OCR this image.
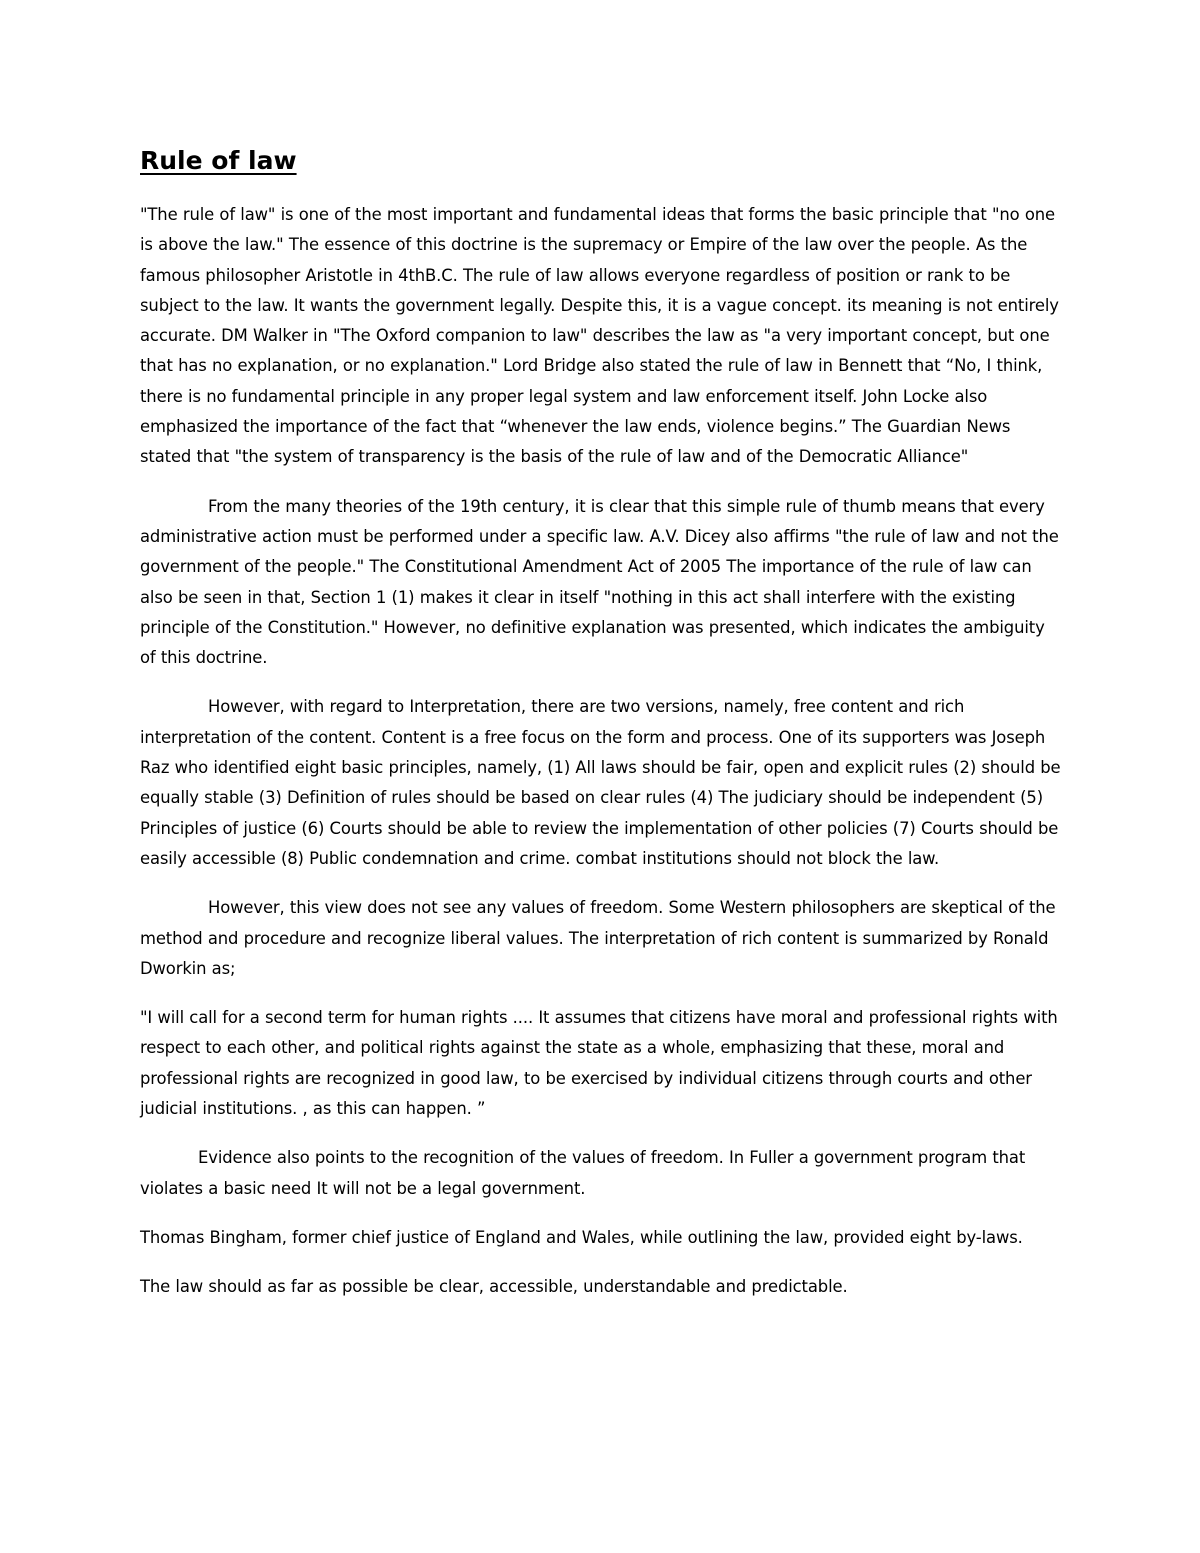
Rule of law

"The rule of law" is one of the most important and fundamental ideas that forms the basic principle that "no one is above the law." The essence of this doctrine is the supremacy or Empire of the law over the people. As the famous philosopher Aristotle in 4thB.C. The rule of law allows everyone regardless of position or rank to be subject to the law. It wants the government legally. Despite this, it is a vague concept. its meaning is not entirely accurate. DM Walker in "The Oxford companion to law" describes the law as "a very important concept, but one that has no explanation, or no explanation." Lord Bridge also stated the rule of law in Bennett that “No, I think, there is no fundamental principle in any proper legal system and law enforcement itself. John Locke also emphasized the importance of the fact that “whenever the law ends, violence begins.” The Guardian News stated that "the system of transparency is the basis of the rule of law and of the Democratic Alliance"

From the many theories of the 19th century, it is clear that this simple rule of thumb means that every administrative action must be performed under a specific law. A.V. Dicey also affirms "the rule of law and not the government of the people." The Constitutional Amendment Act of 2005 The importance of the rule of law can also be seen in that, Section 1 (1) makes it clear in itself "nothing in this act shall interfere with the existing principle of the Constitution." However, no definitive explanation was presented, which indicates the ambiguity of this doctrine.

However, with regard to Interpretation, there are two versions, namely, free content and rich interpretation of the content. Content is a free focus on the form and process. One of its supporters was Joseph Raz who identified eight basic principles, namely, (1) All laws should be fair, open and explicit rules (2) should be equally stable (3) Definition of rules should be based on clear rules (4) The judiciary should be independent (5) Principles of justice (6) Courts should be able to review the implementation of other policies (7) Courts should be easily accessible (8) Public condemnation and crime. combat institutions should not block the law.

However, this view does not see any values of freedom. Some Western philosophers are skeptical of the method and procedure and recognize liberal values. The interpretation of rich content is summarized by Ronald Dworkin as;

"I will call for a second term for human rights .... It assumes that citizens have moral and professional rights with respect to each other, and political rights against the state as a whole, emphasizing that these, moral and professional rights are recognized in good law, to be exercised by individual citizens through courts and other judicial institutions. , as this can happen. ”

Evidence also points to the recognition of the values of freedom. In Fuller a government program that violates a basic need It will not be a legal government.

Thomas Bingham, former chief justice of England and Wales, while outlining the law, provided eight by-laws.

The law should as far as possible be clear, accessible, understandable and predictable.
